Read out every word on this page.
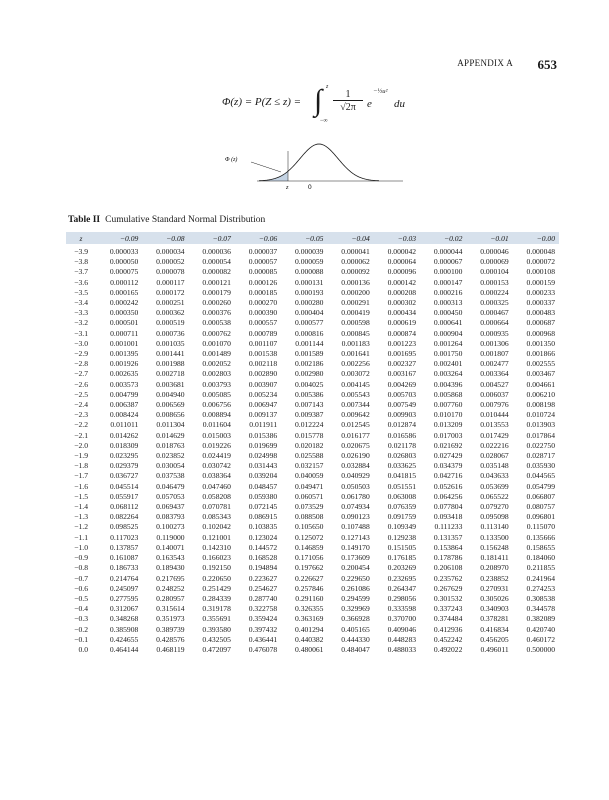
APPENDIX A 653
Φ(z) = P(Z ≤ z) = ∫ z
−∞
$\frac{1}{√2\pi}$ e
−½u²
du
Φ (z)
z	0
Table II Cumulative Standard Normal Distribution
z	−0.09	−0.08	−0.07	−0.06	−0.05	−0.04	−0.03	−0.02	−0.01	−0.00
−3.9	0.000033	0.000034	0.000036	0.000037	0.000039	0.000041	0.000042	0.000044	0.000046	0.000048
−3.8	0.000050	0.000052	0.000054	0.000057	0.000059	0.000062	0.000064	0.000067	0.000069	0.000072
−3.7	0.000075	0.000078	0.000082	0.000085	0.000088	0.000092	0.000096	0.000100	0.000104	0.000108
−3.6	0.000112	0.000117	0.000121	0.000126	0.000131	0.000136	0.000142	0.000147	0.000153	0.000159
−3.5	0.000165	0.000172	0.000179	0.000185	0.000193	0.000200	0.000208	0.000216	0.000224	0.000233
−3.4	0.000242	0.000251	0.000260	0.000270	0.000280	0.000291	0.000302	0.000313	0.000325	0.000337
−3.3	0.000350	0.000362	0.000376	0.000390	0.000404	0.000419	0.000434	0.000450	0.000467	0.000483
−3.2	0.000501	0.000519	0.000538	0.000557	0.000577	0.000598	0.000619	0.000641	0.000664	0.000687
−3.1	0.000711	0.000736	0.000762	0.000789	0.000816	0.000845	0.000874	0.000904	0.000935	0.000968
−3.0	0.001001	0.001035	0.001070	0.001107	0.001144	0.001183	0.001223	0.001264	0.001306	0.001350
−2.9	0.001395	0.001441	0.001489	0.001538	0.001589	0.001641	0.001695	0.001750	0.001807	0.001866
−2.8	0.001926	0.001988	0.002052	0.002118	0.002186	0.002256	0.002327	0.002401	0.002477	0.002555
−2.7	0.002635	0.002718	0.002803	0.002890	0.002980	0.003072	0.003167	0.003264	0.003364	0.003467
−2.6	0.003573	0.003681	0.003793	0.003907	0.004025	0.004145	0.004269	0.004396	0.004527	0.004661
−2.5	0.004799	0.004940	0.005085	0.005234	0.005386	0.005543	0.005703	0.005868	0.006037	0.006210
−2.4	0.006387	0.006569	0.006756	0.006947	0.007143	0.007344	0.007549	0.007760	0.007976	0.008198
−2.3	0.008424	0.008656	0.008894	0.009137	0.009387	0.009642	0.009903	0.010170	0.010444	0.010724
−2.2	0.011011	0.011304	0.011604	0.011911	0.012224	0.012545	0.012874	0.013209	0.013553	0.013903
−2.1	0.014262	0.014629	0.015003	0.015386	0.015778	0.016177	0.016586	0.017003	0.017429	0.017864
−2.0	0.018309	0.018763	0.019226	0.019699	0.020182	0.020675	0.021178	0.021692	0.022216	0.022750
−1.9	0.023295	0.023852	0.024419	0.024998	0.025588	0.026190	0.026803	0.027429	0.028067	0.028717
−1.8	0.029379	0.030054	0.030742	0.031443	0.032157	0.032884	0.033625	0.034379	0.035148	0.035930
−1.7	0.036727	0.037538	0.038364	0.039204	0.040059	0.040929	0.041815	0.042716	0.043633	0.044565
−1.6	0.045514	0.046479	0.047460	0.048457	0.049471	0.050503	0.051551	0.052616	0.053699	0.054799
−1.5	0.055917	0.057053	0.058208	0.059380	0.060571	0.061780	0.063008	0.064256	0.065522	0.066807
−1.4	0.068112	0.069437	0.070781	0.072145	0.073529	0.074934	0.076359	0.077804	0.079270	0.080757
−1.3	0.082264	0.083793	0.085343	0.086915	0.088508	0.090123	0.091759	0.093418	0.095098	0.096801
−1.2	0.098525	0.100273	0.102042	0.103835	0.105650	0.107488	0.109349	0.111233	0.113140	0.115070
−1.1	0.117023	0.119000	0.121001	0.123024	0.125072	0.127143	0.129238	0.131357	0.133500	0.135666
−1.0	0.137857	0.140071	0.142310	0.144572	0.146859	0.149170	0.151505	0.153864	0.156248	0.158655
−0.9	0.161087	0.163543	0.166023	0.168528	0.171056	0.173609	0.176185	0.178786	0.181411	0.184060
−0.8	0.186733	0.189430	0.192150	0.194894	0.197662	0.200454	0.203269	0.206108	0.208970	0.211855
−0.7	0.214764	0.217695	0.220650	0.223627	0.226627	0.229650	0.232695	0.235762	0.238852	0.241964
−0.6	0.245097	0.248252	0.251429	0.254627	0.257846	0.261086	0.264347	0.267629	0.270931	0.274253
−0.5	0.277595	0.280957	0.284339	0.287740	0.291160	0.294599	0.298056	0.301532	0.305026	0.308538
−0.4	0.312067	0.315614	0.319178	0.322758	0.326355	0.329969	0.333598	0.337243	0.340903	0.344578
−0.3	0.348268	0.351973	0.355691	0.359424	0.363169	0.366928	0.370700	0.374484	0.378281	0.382089
−0.2	0.385908	0.389739	0.393580	0.397432	0.401294	0.405165	0.409046	0.412936	0.416834	0.420740
−0.1	0.424655	0.428576	0.432505	0.436441	0.440382	0.444330	0.448283	0.452242	0.456205	0.460172
0.0	0.464144	0.468119	0.472097	0.476078	0.480061	0.484047	0.488033	0.492022	0.496011	0.500000
